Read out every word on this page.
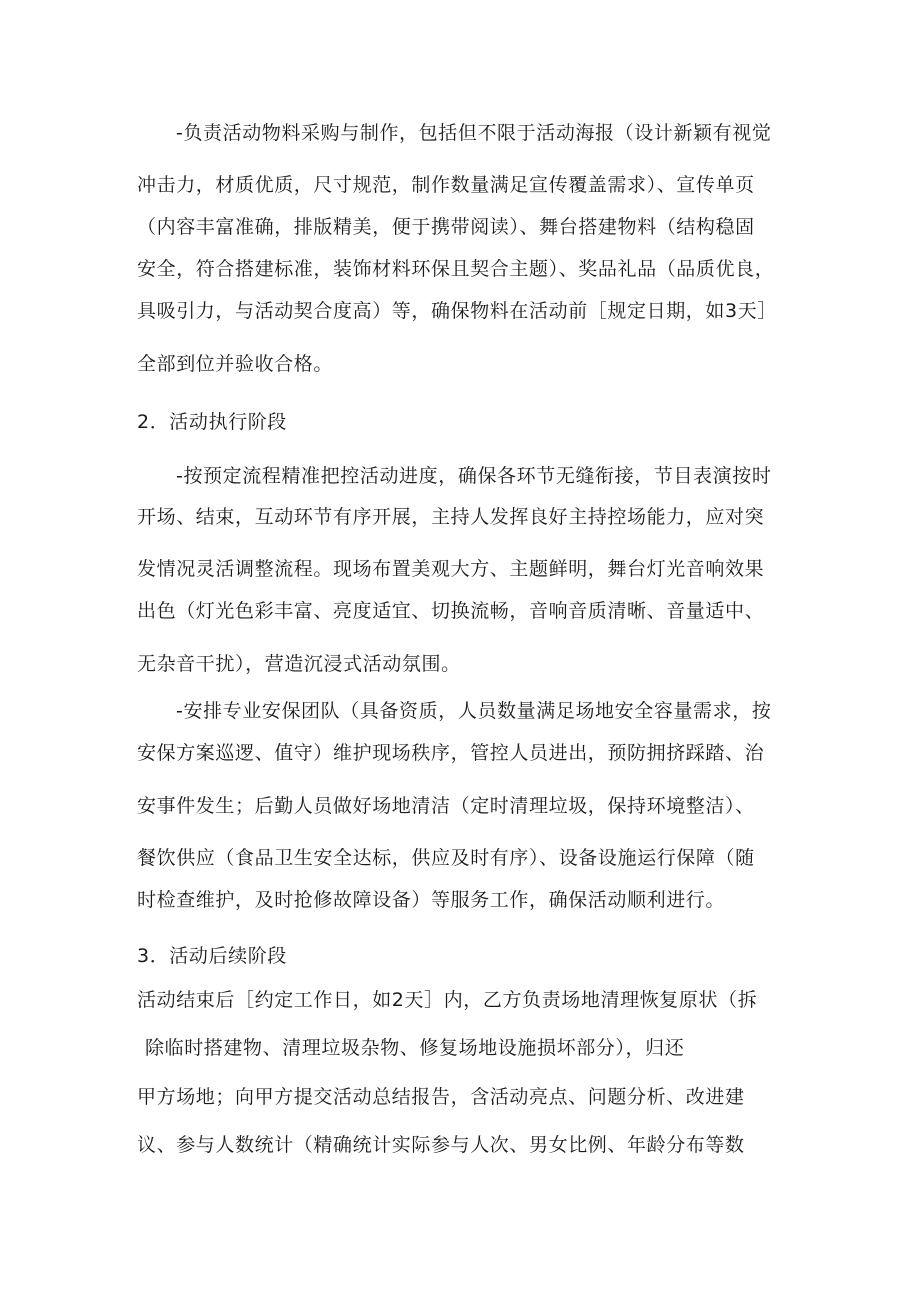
-负责活动物料采购与制作，包括但不限于活动海报（设计新颖有视觉
冲击力，材质优质，尺寸规范，制作数量满足宣传覆盖需求）、宣传单页
（内容丰富准确，排版精美，便于携带阅读）、舞台搭建物料（结构稳固
安全，符合搭建标准，装饰材料环保且契合主题）、奖品礼品（品质优良，
具吸引力，与活动契合度高）等，确保物料在活动前［规定日期，如3天］
全部到位并验收合格。
2．活动执行阶段
-按预定流程精准把控活动进度，确保各环节无缝衔接，节目表演按时
开场、结束，互动环节有序开展，主持人发挥良好主持控场能力，应对突
发情况灵活调整流程。现场布置美观大方、主题鲜明，舞台灯光音响效果
出色（灯光色彩丰富、亮度适宜、切换流畅，音响音质清晰、音量适中、
无杂音干扰），营造沉浸式活动氛围。
-安排专业安保团队（具备资质，人员数量满足场地安全容量需求，按
安保方案巡逻、值守）维护现场秩序，管控人员进出，预防拥挤踩踏、治
安事件发生；后勤人员做好场地清洁（定时清理垃圾，保持环境整洁）、
餐饮供应（食品卫生安全达标，供应及时有序）、设备设施运行保障（随
时检查维护，及时抢修故障设备）等服务工作，确保活动顺利进行。
3．活动后续阶段
活动结束后［约定工作日，如2天］内，乙方负责场地清理恢复原状（拆
除临时搭建物、清理垃圾杂物、修复场地设施损坏部分），归还
甲方场地；向甲方提交活动总结报告，含活动亮点、问题分析、改进建
议、参与人数统计（精确统计实际参与人次、男女比例、年龄分布等数
